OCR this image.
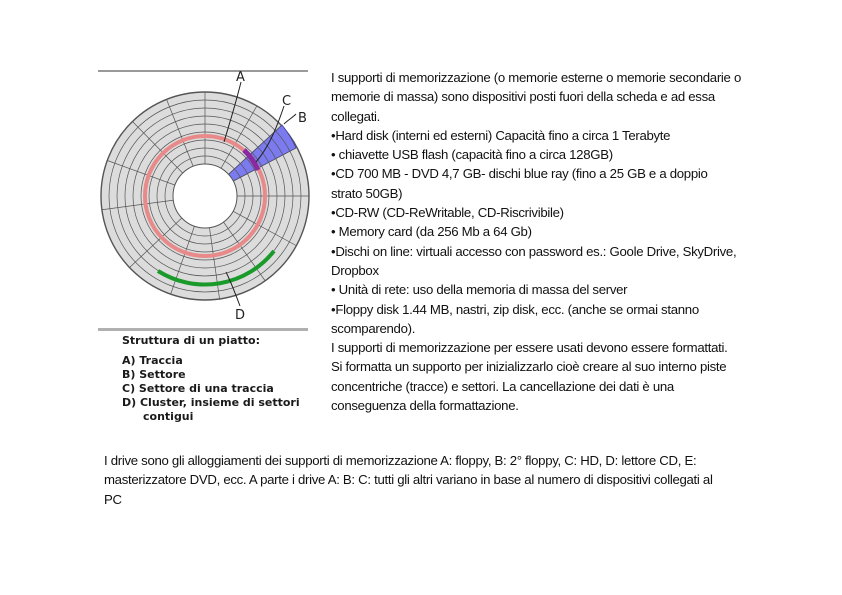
A
C
B
D
Struttura di un piatto:
A) Traccia
B) Settore
C) Settore di una traccia
D) Cluster, insieme di settori
contigui

I supporti di memorizzazione (o memorie esterne o memorie secondarie o memorie di massa) sono dispositivi posti fuori della scheda e ad essa collegati.

•Hard disk (interni ed esterni) Capacità fino a circa 1 Terabyte

• chiavette USB flash (capacità fino a circa 128GB)

•CD 700 MB - DVD 4,7 GB- dischi blue ray (fino a 25 GB e a doppio strato 50GB)

•CD-RW (CD-ReWritable, CD-Riscrivibile)

• Memory card (da 256 Mb a 64 Gb)

•Dischi on line: virtuali accesso con password es.: Goole Drive, SkyDrive, Dropbox

• Unità di rete: uso della memoria di massa del server

•Floppy disk 1.44 MB, nastri, zip disk, ecc. (anche se ormai stanno scomparendo).

I supporti di memorizzazione per essere usati devono essere formattati. Si formatta un supporto per inizializzarlo cioè creare al suo interno piste concentriche (tracce) e settori. La cancellazione dei dati è una conseguenza della formattazione.

I drive sono gli alloggiamenti dei supporti di memorizzazione A: floppy, B: 2° floppy, C: HD, D: lettore CD, E: masterizzatore DVD, ecc. A parte i drive A: B: C: tutti gli altri variano in base al numero di dispositivi collegati al PC
